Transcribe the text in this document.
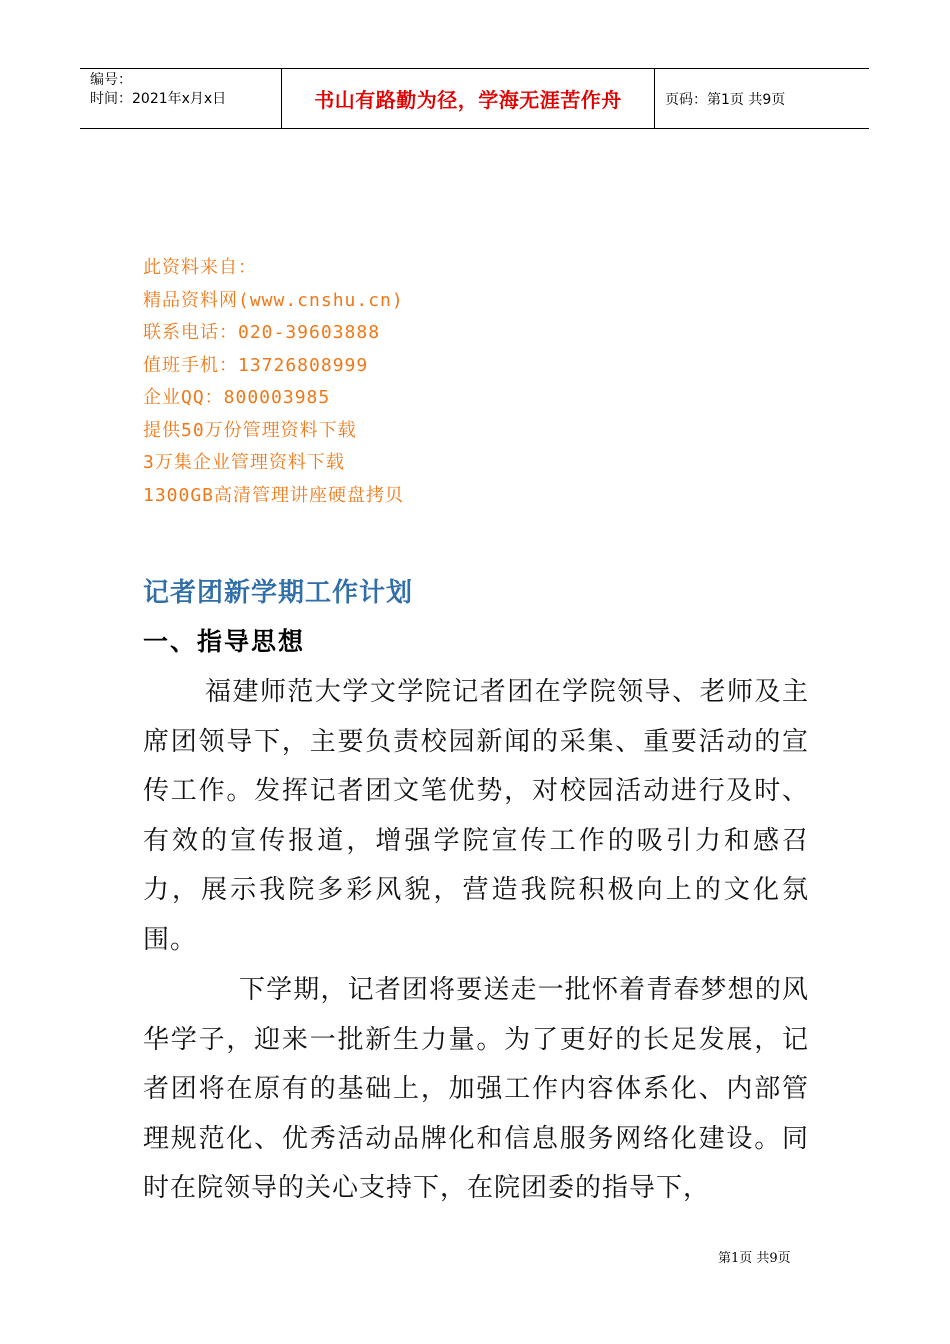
编号：
时间：2021年x月x日	书山有路勤为径，学海无涯苦作舟	页码：第1页 共9页
此资料来自：
精品资料网(www.cnshu.cn)
联系电话：020-39603888
值班手机：13726808999
企业QQ：800003985
提供50万份管理资料下载
3万集企业管理资料下载
1300GB高清管理讲座硬盘拷贝
记者团新学期工作计划
一、指导思想

福建师范大学文学院记者团在学院领导、老师及主席团领导下，主要负责校园新闻的采集、重要活动的宣传工作。发挥记者团文笔优势，对校园活动进行及时、有效的宣传报道，增强学院宣传工作的吸引力和感召力，展示我院多彩风貌，营造我院积极向上的文化氛围。

下学期，记者团将要送走一批怀着青春梦想的风华学子，迎来一批新生力量。为了更好的长足发展，记者团将在原有的基础上，加强工作内容体系化、内部管理规范化、优秀活动品牌化和信息服务网络化建设。同时在院领导的关心支持下，在院团委的指导下，

第1页 共9页
